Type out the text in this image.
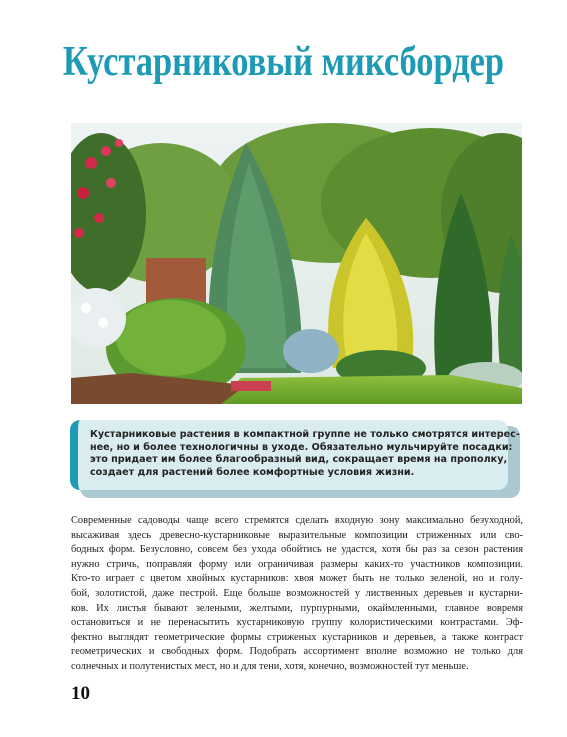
Кустарниковый миксбордер
Кустарниковые растения в компактной группе не только смотрятся интерес-
нее, но и более технологичны в уходе. Обязательно мульчируйте посадки:
это придает им более благообразный вид, сокращает время на прополку,
создает для растений более комфортные условия жизни.
Современные садоводы чаще всего стремятся сделать входную зону максимально безуходной,
высаживая здесь древесно-кустарниковые выразительные композиции стриженных или сво-
бодных форм. Безусловно, совсем без ухода обойтись не удастся, хотя бы раз за сезон растения
нужно стричь, поправляя форму или ограничивая размеры каких-то участников композиции.
Кто-то играет с цветом хвойных кустарников: хвоя может быть не только зеленой, но и голу-
бой, золотистой, даже пестрой. Еще больше возможностей у лиственных деревьев и кустарни-
ков. Их листья бывают зелеными, желтыми, пурпурными, окаймленными, главное вовремя
остановиться и не перенасытить кустарниковую группу колористическими контрастами. Эф-
фектно выглядят геометрические формы стриженых кустарников и деревьев, а также контраст
геометрических и свободных форм. Подобрать ассортимент вполне возможно не только для
солнечных и полутенистых мест, но и для тени, хотя, конечно, возможностей тут меньше.
10
